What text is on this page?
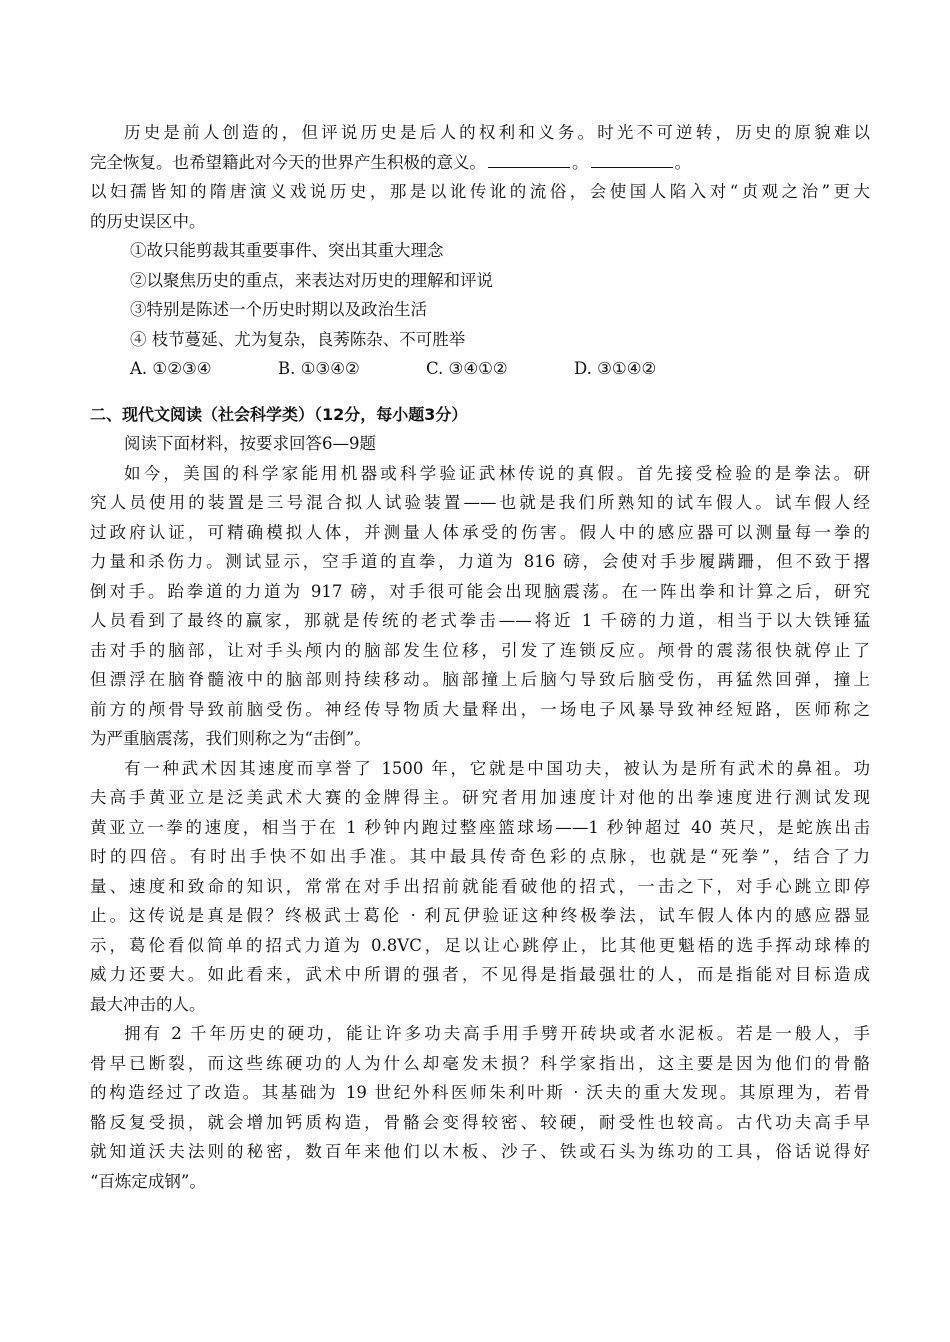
历史是前人创造的，但评说历史是后人的权利和义务。时光不可逆转，历史的原貌难以
完全恢复。也希望籍此对今天的世界产生积极的意义。	。	。
以妇孺皆知的隋唐演义戏说历史，那是以讹传讹的流俗，会使国人陷入对“贞观之治”更大
的历史误区中。
①故只能剪裁其重要事件、突出其重大理念
②以聚焦历史的重点，来表达对历史的理解和评说
③特别是陈述一个历史时期以及政治生活
④ 枝节蔓延、尤为复杂，良莠陈杂、不可胜举
A. ①②③④	B. ①③④②	C. ③④①②	D. ③①④②
二、现代文阅读（社会科学类）（12分，每小题3分）
阅读下面材料，按要求回答6—9题
如今，美国的科学家能用机器或科学验证武林传说的真假。首先接受检验的是拳法。研
究人员使用的装置是三号混合拟人试验装置——也就是我们所熟知的试车假人。试车假人经
过政府认证，可精确模拟人体，并测量人体承受的伤害。假人中的感应器可以测量每一拳的
力量和杀伤力。测试显示，空手道的直拳，力道为 816 磅，会使对手步履蹒跚，但不致于撂
倒对手。跆拳道的力道为 917 磅，对手很可能会出现脑震荡。在一阵出拳和计算之后，研究
人员看到了最终的赢家，那就是传统的老式拳击——将近 1 千磅的力道，相当于以大铁锤猛
击对手的脑部，让对手头颅内的脑部发生位移，引发了连锁反应。颅骨的震荡很快就停止了
但漂浮在脑脊髓液中的脑部则持续移动。脑部撞上后脑勺导致后脑受伤，再猛然回弹，撞上
前方的颅骨导致前脑受伤。神经传导物质大量释出，一场电子风暴导致神经短路，医师称之
为严重脑震荡，我们则称之为“击倒”。
有一种武术因其速度而享誉了 1500 年，它就是中国功夫，被认为是所有武术的鼻祖。功
夫高手黄亚立是泛美武术大赛的金牌得主。研究者用加速度计对他的出拳速度进行测试发现
黄亚立一拳的速度，相当于在 1 秒钟内跑过整座篮球场——1 秒钟超过 40 英尺，是蛇族出击
时的四倍。有时出手快不如出手准。其中最具传奇色彩的点脉，也就是“死拳”，结合了力
量、速度和致命的知识，常常在对手出招前就能看破他的招式，一击之下，对手心跳立即停
止。这传说是真是假？终极武士葛伦 · 利瓦伊验证这种终极拳法，试车假人体内的感应器显
示，葛伦看似简单的招式力道为 0.8VC，足以让心跳停止，比其他更魁梧的选手挥动球棒的
威力还要大。如此看来，武术中所谓的强者，不见得是指最强壮的人，而是指能对目标造成
最大冲击的人。
拥有 2 千年历史的硬功，能让许多功夫高手用手劈开砖块或者水泥板。若是一般人，手
骨早已断裂，而这些练硬功的人为什么却毫发未损？科学家指出，这主要是因为他们的骨骼
的构造经过了改造。其基础为 19 世纪外科医师朱利叶斯 · 沃夫的重大发现。其原理为，若骨
骼反复受损，就会增加钙质构造，骨骼会变得较密、较硬，耐受性也较高。古代功夫高手早
就知道沃夫法则的秘密，数百年来他们以木板、沙子、铁或石头为练功的工具，俗话说得好
“百炼定成钢”。
